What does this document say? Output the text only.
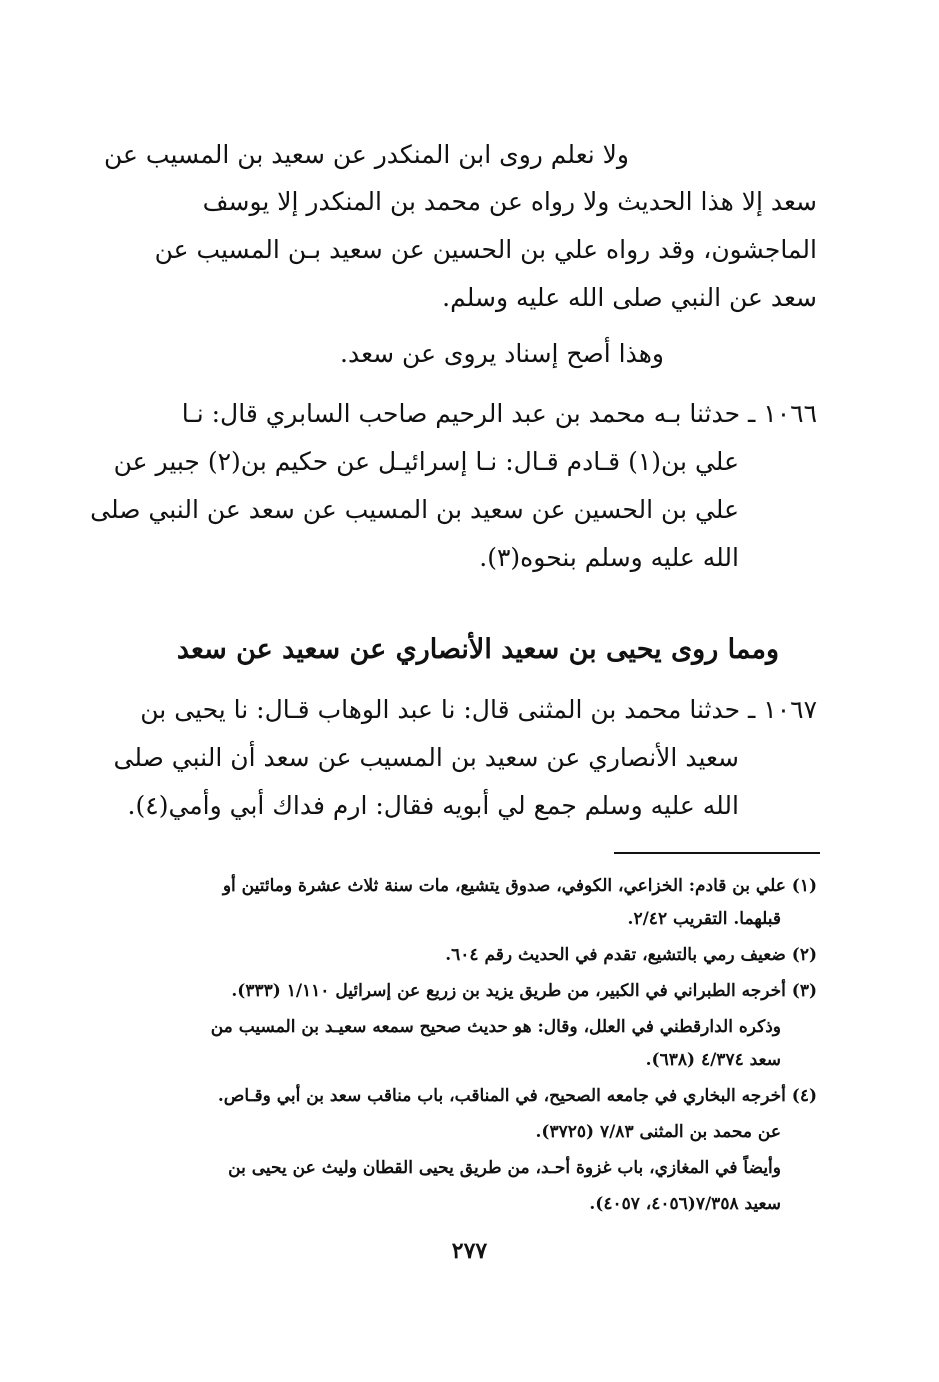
ولا نعلم روى ابن المنكدر عن سعيد بن المسيب عن
سعد إلا هذا الحديث ولا رواه عن محمد بن المنكدر إلا يوسف
الماجشون، وقد رواه علي بن الحسين عن سعيد بـن المسيب عن
سعد عن النبي صلى الله عليه وسلم.
وهذا أصح إسناد يروى عن سعد.
١٠٦٦ ـ حدثنا بـه محمد بن عبد الرحيم صاحب السابري قال: نـا
علي بن(١) قـادم قـال: نـا إسرائيـل عن حكيم بن(٢) جبير عن
علي بن الحسين عن سعيد بن المسيب عن سعد عن النبي صلى
الله عليه وسلم بنحوه(٣).
ومما روى يحيى بن سعيد الأنصاري عن سعيد عن سعد
١٠٦٧ ـ حدثنا محمد بن المثنى قال: نا عبد الوهاب قـال: نا يحيى بن
سعيد الأنصاري عن سعيد بن المسيب عن سعد أن النبي صلى
الله عليه وسلم جمع لي أبويه فقال: ارم فداك أبي وأمي(٤).
(١) علي بن قادم: الخزاعي، الكوفي، صدوق يتشيع، مات سنة ثلاث عشرة ومائتين أو
قبلهما. التقريب ٢/٤٢.
(٢) ضعيف رمي بالتشيع، تقدم في الحديث رقم ٦٠٤.
(٣) أخرجه الطبراني في الكبير، من طريق يزيد بن زريع عن إسرائيل ١/١١٠ (٣٣٣).
وذكره الدارقطني في العلل، وقال: هو حديث صحيح سمعه سعيـد بن المسيب من
سعد ٤/٣٧٤ (٦٣٨).
(٤) أخرجه البخاري في جامعه الصحيح، في المناقب، باب مناقب سعد بن أبي وقـاص.
عن محمد بن المثنى ٧/٨٣ (٣٧٢٥).
وأيضاً في المغازي، باب غزوة أحـد، من طريق يحيى القطان وليث عن يحيى بن
سعيد ٧/٣٥٨(٤٠٥٦، ٤٠٥٧).
٢٧٧
